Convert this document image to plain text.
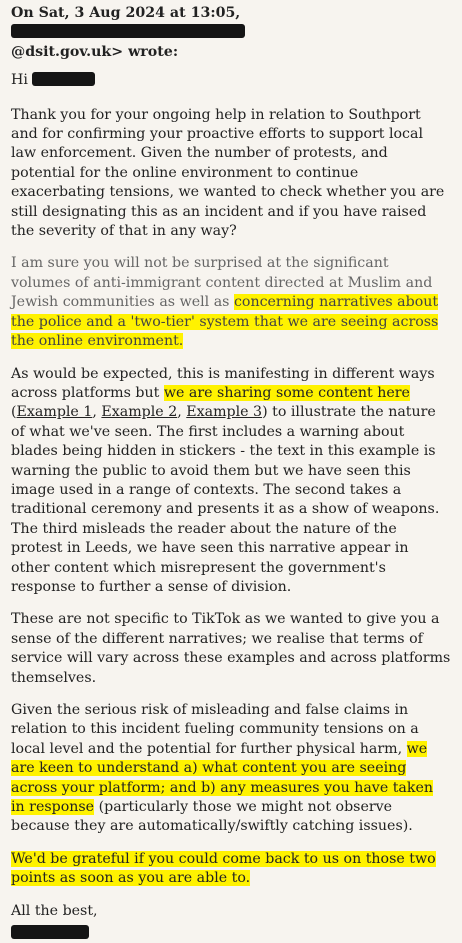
On Sat, 3 Aug 2024 at 13:05,
@dsit.gov.uk> wrote:
Hi

Thank you for your ongoing help in relation to Southport and for confirming your proactive efforts to support local law enforcement. Given the number of protests, and potential for the online environment to continue exacerbating tensions, we wanted to check whether you are still designating this as an incident and if you have raised the severity of that in any way?

I am sure you will not be surprised at the significant volumes of anti-immigrant content directed at Muslim and Jewish communities as well as concerning narratives about the police and a 'two-tier' system that we are seeing across the online environment.

As would be expected, this is manifesting in different ways across platforms but we are sharing some content here (Example 1, Example 2, Example 3) to illustrate the nature of what we've seen. The first includes a warning about blades being hidden in stickers - the text in this example is warning the public to avoid them but we have seen this image used in a range of contexts. The second takes a traditional ceremony and presents it as a show of weapons. The third misleads the reader about the nature of the protest in Leeds, we have seen this narrative appear in other content which misrepresent the government's response to further a sense of division.

These are not specific to TikTok as we wanted to give you a sense of the different narratives; we realise that terms of service will vary across these examples and across platforms themselves.

Given the serious risk of misleading and false claims in relation to this incident fueling community tensions on a local level and the potential for further physical harm, we are keen to understand a) what content you are seeing across your platform; and b) any measures you have taken in response (particularly those we might not observe because they are automatically/swiftly catching issues).

We'd be grateful if you could come back to us on those two points as soon as you are able to.

All the best,
